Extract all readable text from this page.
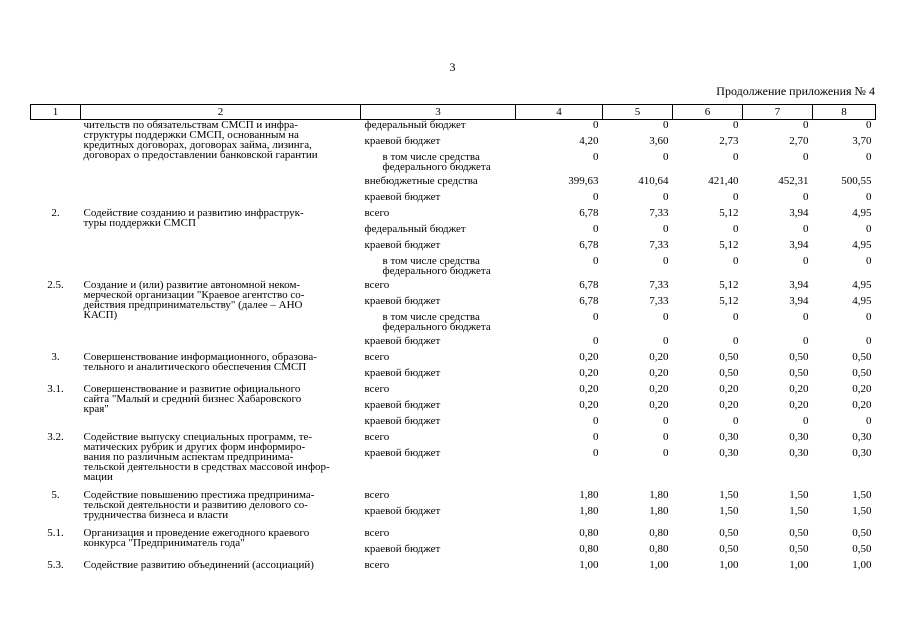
3
Продолжение приложения № 4
1	2	3	4	5	6	7	8
	чительств по обязательствам СМСП и инфра-
структуры поддержки СМСП, основанным на
кредитных договорах, договорах займа, лизинга,
договорах о предоставлении банковской гарантии	федеральный бюджет	0	0	0	0	0
		краевой бюджет	4,20	3,60	2,73	2,70	3,70
		в том числе средства
федерального бюджета	0	0	0	0	0
		внебюджетные средства	399,63	410,64	421,40	452,31	500,55
		краевой бюджет	0	0	0	0	0
2.	Содействие созданию и развитию инфраструк-
туры поддержки СМСП	всего	6,78	7,33	5,12	3,94	4,95
		федеральный бюджет	0	0	0	0	0
		краевой бюджет	6,78	7,33	5,12	3,94	4,95
		в том числе средства
федерального бюджета	0	0	0	0	0
2.5.	Создание и (или) развитие автономной неком-
мерческой организации "Краевое агентство со-
действия предпринимательству" (далее – АНО
КАСП)	всего	6,78	7,33	5,12	3,94	4,95
		краевой бюджет	6,78	7,33	5,12	3,94	4,95
		в том числе средства
федерального бюджета	0	0	0	0	0
		краевой бюджет	0	0	0	0	0
3.	Совершенствование информационного, образова-
тельного и аналитического обеспечения СМСП	всего	0,20	0,20	0,50	0,50	0,50
		краевой бюджет	0,20	0,20	0,50	0,50	0,50
3.1.	Совершенствование и развитие официального
сайта "Малый и средний бизнес Хабаровского
края"	всего	0,20	0,20	0,20	0,20	0,20
		краевой бюджет	0,20	0,20	0,20	0,20	0,20
		краевой бюджет	0	0	0	0	0
3.2.	Содействие выпуску специальных программ, те-
матических рубрик и других форм информиро-
вания по различным аспектам предпринима-
тельской деятельности в средствах массовой инфор-
мации	всего	0	0	0,30	0,30	0,30
		краевой бюджет	0	0	0,30	0,30	0,30
5.	Содействие повышению престижа предпринима-
тельской деятельности и развитию делового со-
трудничества бизнеса и власти	всего	1,80	1,80	1,50	1,50	1,50
		краевой бюджет	1,80	1,80	1,50	1,50	1,50
5.1.	Организация и проведение ежегодного краевого
конкурса "Предприниматель года"	всего	0,80	0,80	0,50	0,50	0,50
		краевой бюджет	0,80	0,80	0,50	0,50	0,50
5.3.	Содействие развитию объединений (ассоциаций)	всего	1,00	1,00	1,00	1,00	1,00
